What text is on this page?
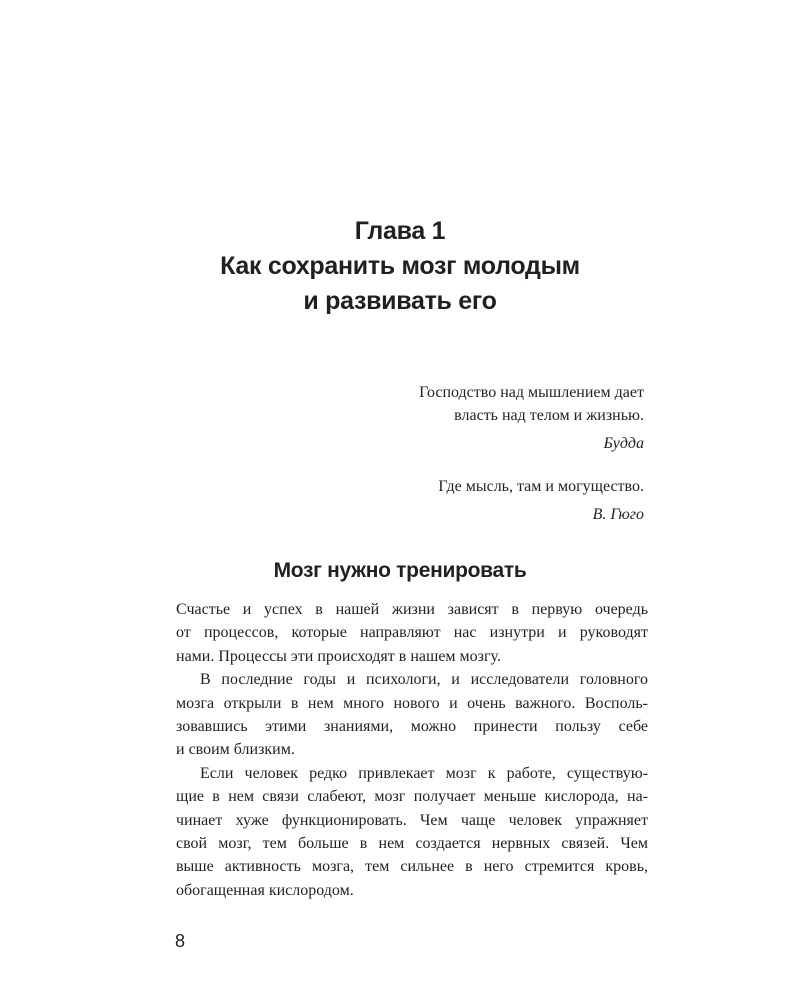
Глава 1
Как сохранить мозг молодым
и развивать его
Господство над мышлением дает
власть над телом и жизнью.
Будда
Где мысль, там и могущество.
В. Гюго
Мозг нужно тренировать
Счастье и успех в нашей жизни зависят в первую очередь
от процессов, которые направляют нас изнутри и руководят
нами. Процессы эти происходят в нашем мозгу.
В последние годы и психологи, и исследователи головного
мозга открыли в нем много нового и очень важного. Восполь-
зовавшись этими знаниями, можно принести пользу себе
и своим близким.
Если человек редко привлекает мозг к работе, существую-
щие в нем связи слабеют, мозг получает меньше кислорода, на-
чинает хуже функционировать. Чем чаще человек упражняет
свой мозг, тем больше в нем создается нервных связей. Чем
выше активность мозга, тем сильнее в него стремится кровь,
обогащенная кислородом.
8
